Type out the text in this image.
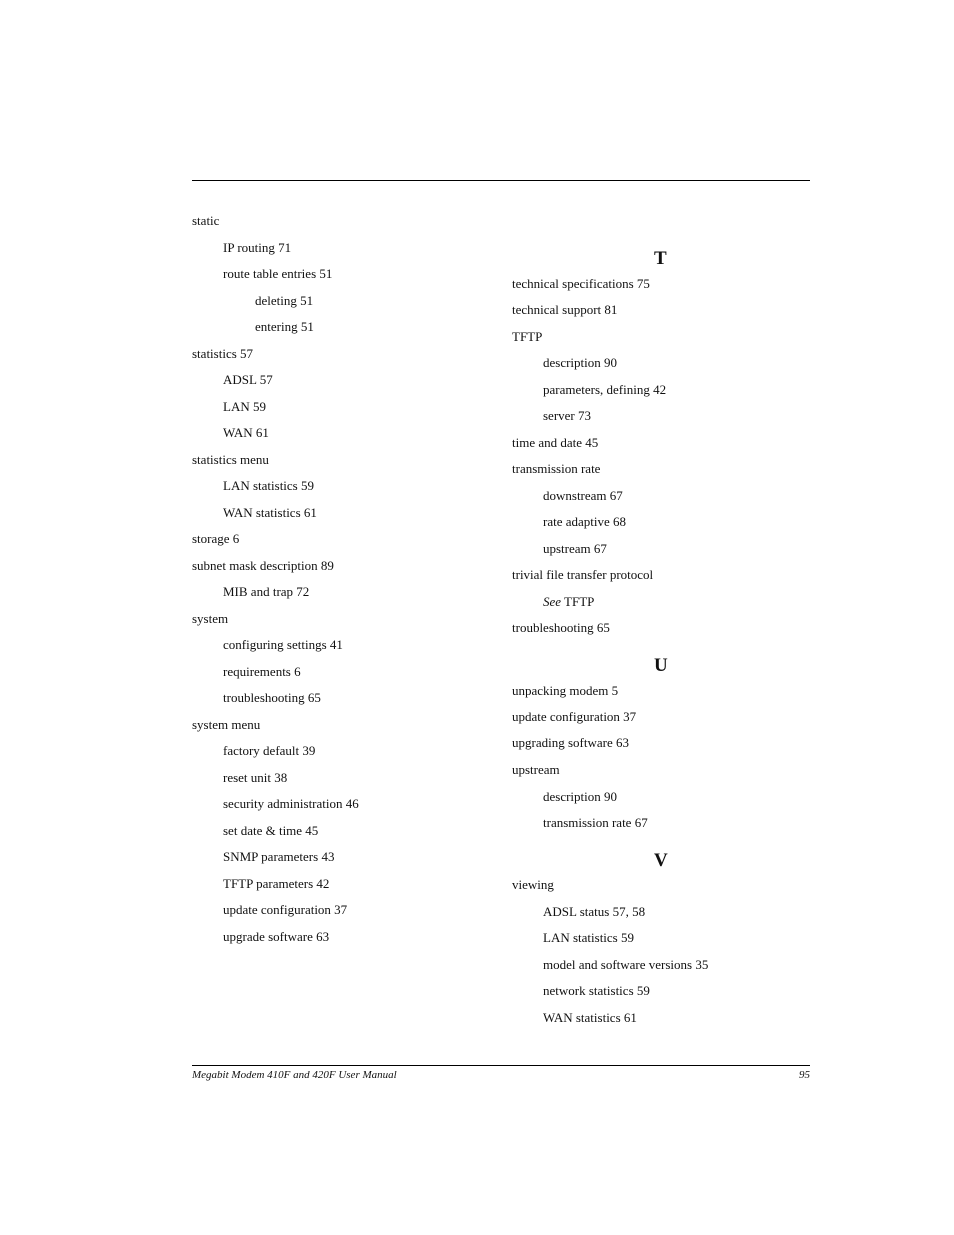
static
IP routing 71
route table entries 51
deleting 51
entering 51
statistics 57
ADSL 57
LAN 59
WAN 61
statistics menu
LAN statistics 59
WAN statistics 61
storage 6
subnet mask description 89
MIB and trap 72
system
configuring settings 41
requirements 6
troubleshooting 65
system menu
factory default 39
reset unit 38
security administration 46
set date & time 45
SNMP parameters 43
TFTP parameters 42
update configuration 37
upgrade software 63
T
technical specifications 75
technical support 81
TFTP
description 90
parameters, defining 42
server 73
time and date 45
transmission rate
downstream 67
rate adaptive 68
upstream 67
trivial file transfer protocol
See TFTP
troubleshooting 65
U
unpacking modem 5
update configuration 37
upgrading software 63
upstream
description 90
transmission rate 67
V
viewing
ADSL status 57, 58
LAN statistics 59
model and software versions 35
network statistics 59
WAN statistics 61
Megabit Modem 410F and 420F User Manual	95
